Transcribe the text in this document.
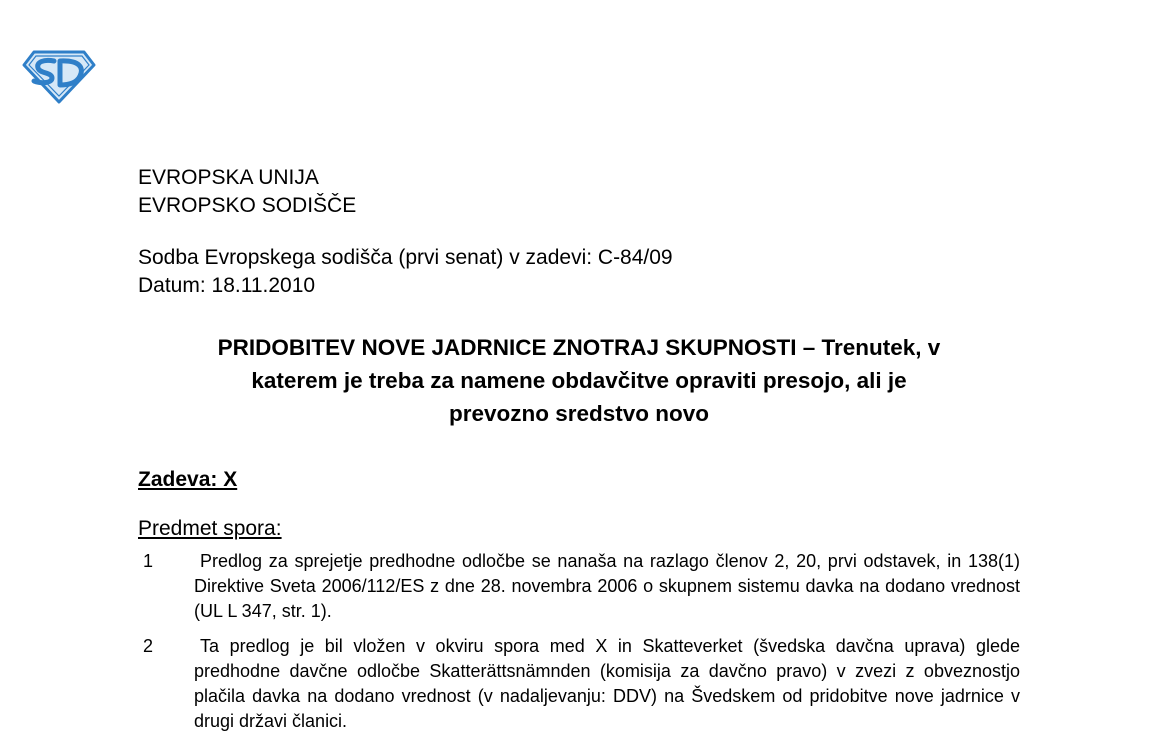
EVROPSKA UNIJA

EVROPSKO SODIŠČE

Sodba Evropskega sodišča (prvi senat) v zadevi: C-84/09

Datum: 18.11.2010

PRIDOBITEV NOVE JADRNICE ZNOTRAJ SKUPNOSTI – Trenutek, v
katerem je treba za namene obdavčitve opraviti presojo, ali je
prevozno sredstvo novo
Zadeva: X
Predmet spora:
1	Predlog za sprejetje predhodne odločbe se nanaša na razlago členov 2, 20, prvi odstavek, in 138(1) Direktive Sveta 2006/112/ES z dne 28. novembra 2006 o skupnem sistemu davka na dodano vrednost (UL L 347, str. 1).
2	Ta predlog je bil vložen v okviru spora med X in Skatteverket (švedska davčna uprava) glede predhodne davčne odločbe Skatterättsnämnden (komisija za davčno pravo) v zvezi z obveznostjo plačila davka na dodano vrednost (v nadaljevanju: DDV) na Švedskem od pridobitve nove jadrnice v drugi državi članici.
